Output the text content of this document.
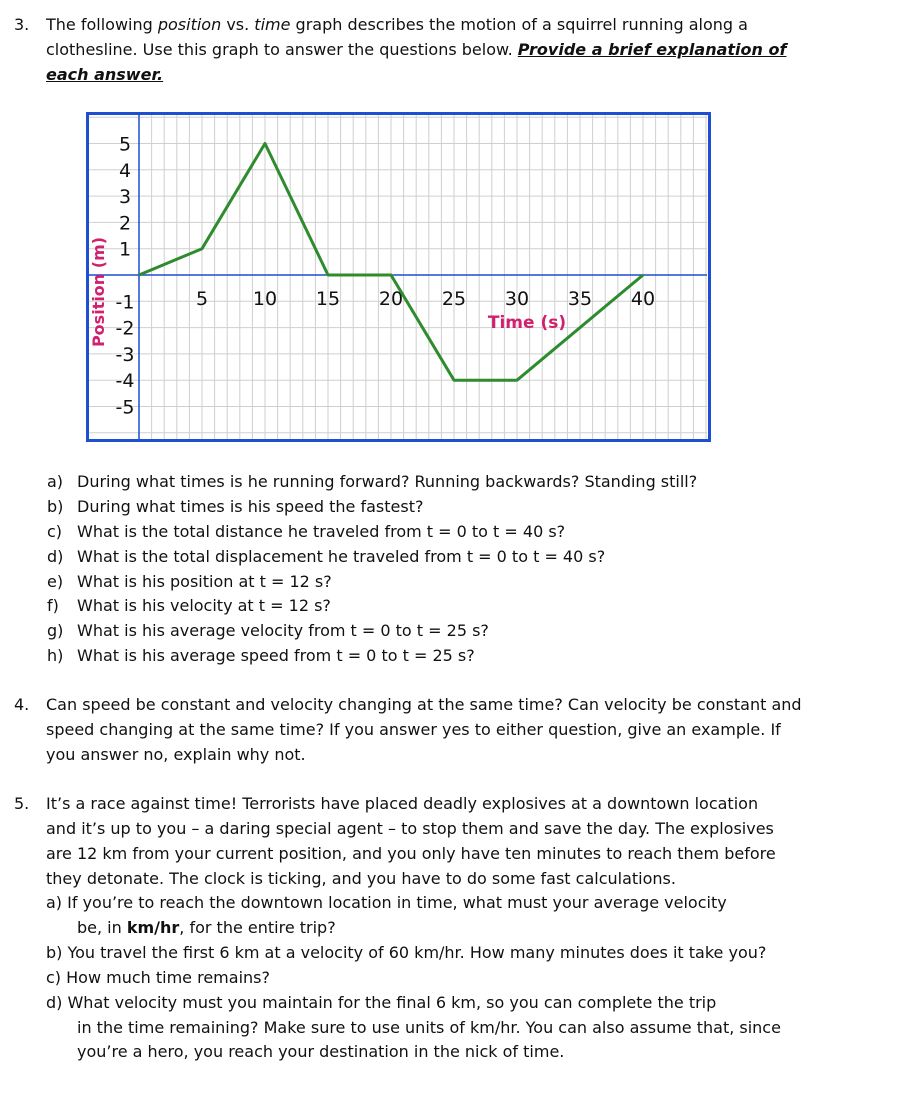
3. The following position vs. time graph describes the motion of a squirrel running along a
clothesline. Use this graph to answer the questions below. Provide a brief explanation of
each answer.
5
4
3
2
1
-1
-2
-3
-4
-5
5 10 15 20 25 30 35 40
Position (m)	Time (s)
a) During what times is he running forward? Running backwards? Standing still?
b) During what times is his speed the fastest?
c) What is the total distance he traveled from t = 0 to t = 40 s?
d) What is the total displacement he traveled from t = 0 to t = 40 s?
e) What is his position at t = 12 s?
f) What is his velocity at t = 12 s?
g) What is his average velocity from t = 0 to t = 25 s?
h) What is his average speed from t = 0 to t = 25 s?
4. Can speed be constant and velocity changing at the same time? Can velocity be constant and
speed changing at the same time? If you answer yes to either question, give an example. If
you answer no, explain why not.
5. It’s a race against time! Terrorists have placed deadly explosives at a downtown location
and it’s up to you – a daring special agent – to stop them and save the day. The explosives
are 12 km from your current position, and you only have ten minutes to reach them before
they detonate. The clock is ticking, and you have to do some fast calculations.
a) If you’re to reach the downtown location in time, what must your average velocity
be, in km/hr, for the entire trip?
b) You travel the first 6 km at a velocity of 60 km/hr. How many minutes does it take you?
c) How much time remains?
d) What velocity must you maintain for the final 6 km, so you can complete the trip
in the time remaining? Make sure to use units of km/hr. You can also assume that, since
you’re a hero, you reach your destination in the nick of time.
